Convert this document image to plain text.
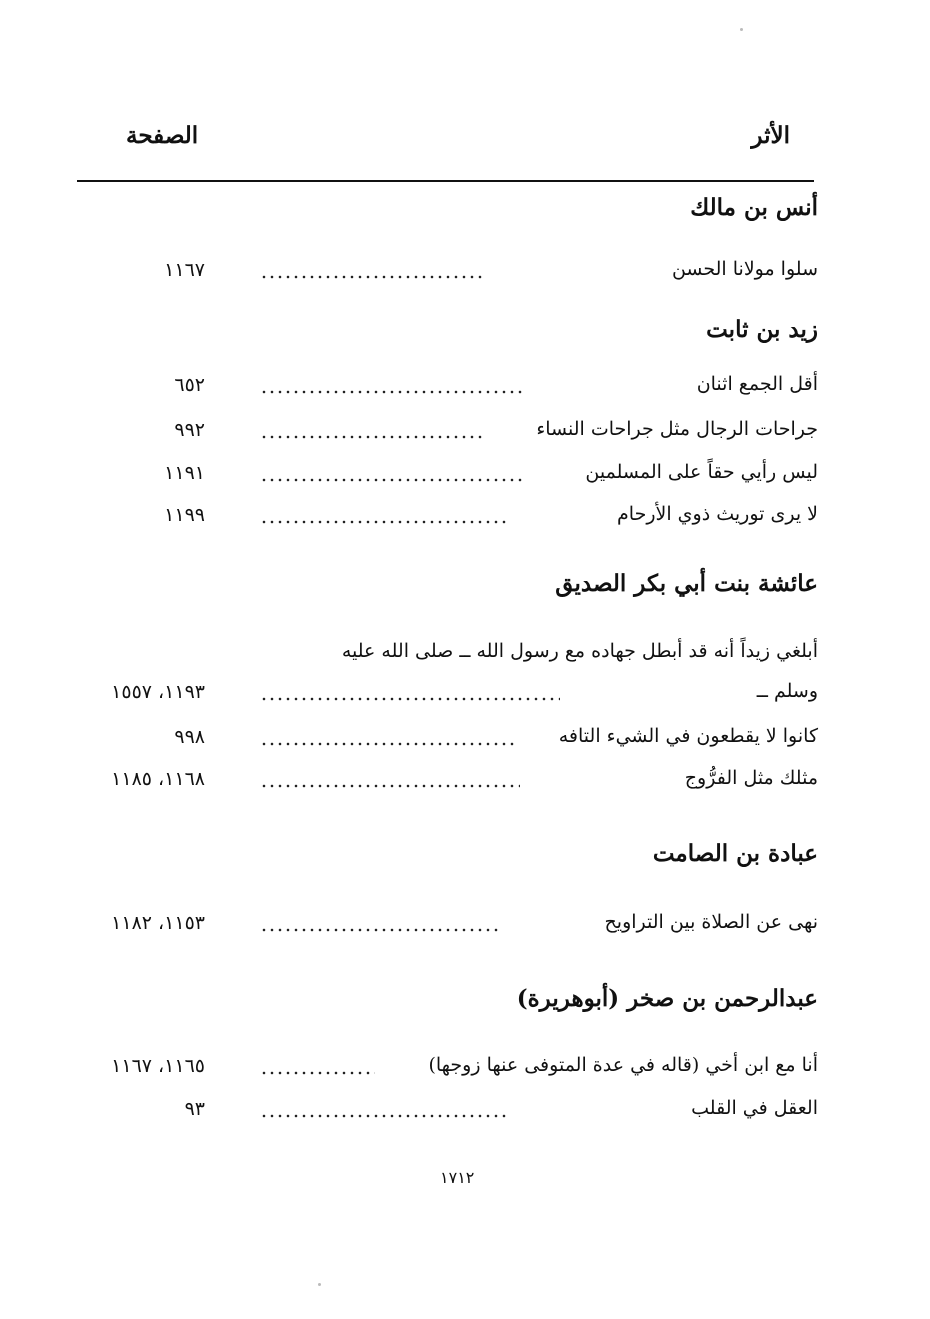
الأثر
الصفحة
أنس بن مالك
سلوا مولانا الحسن
١١٦٧
زيد بن ثابت
أقل الجمع اثنان
٦٥٢
جراحات الرجال مثل جراحات النساء
٩٩٢
ليس رأيي حقاً على المسلمين
١١٩١
لا يرى توريث ذوي الأرحام
١١٩٩
عائشة بنت أبي بكر الصديق
أبلغي زيداً أنه قد أبطل جهاده مع رسول الله ــ صلى الله عليه
وسلم ــ
١١٩٣، ١٥٥٧
كانوا لا يقطعون في الشيء التافه
٩٩٨
مثلك مثل الفرُّوج
١١٦٨، ١١٨٥
عبادة بن الصامت
نهى عن الصلاة بين التراويح
١١٥٣، ١١٨٢
عبدالرحمن بن صخر (أبوهريرة)
أنا مع ابن أخي (قاله في عدة المتوفى عنها زوجها)
١١٦٥، ١١٦٧
العقل في القلب
٩٣
١٧١٢
